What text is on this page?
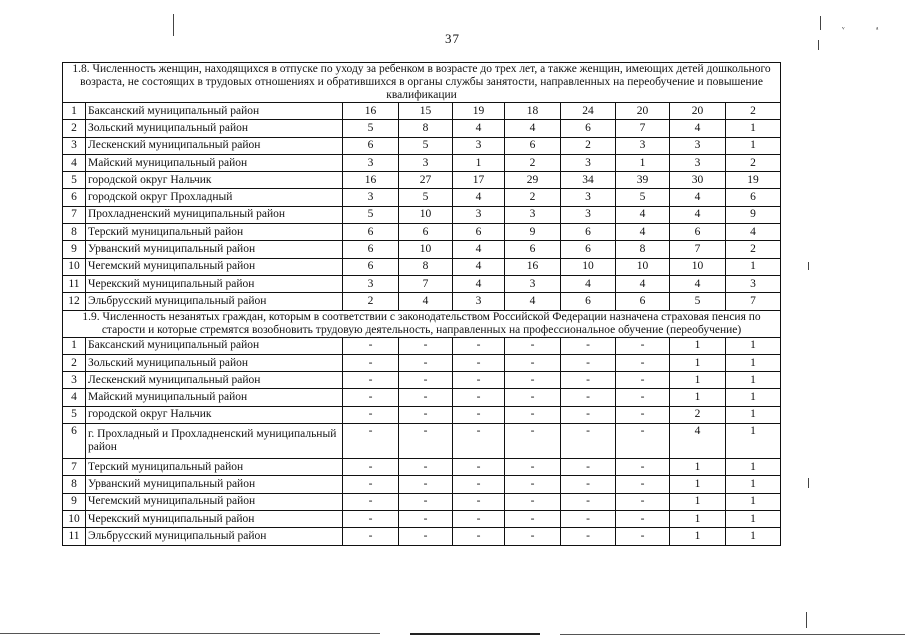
ᵛ	ᵃ
37
1.8. Численность женщин, находящихся в отпуске по уходу за ребенком в возрасте до трех лет, а также женщин, имеющих детей дошкольного возраста, не состоящих в трудовых отношениях и обратившихся в органы службы занятости, направленных на переобучение и повышение квалификации									
1	Баксанский муниципальный район	16	15	19	18	24	20	20	2
2	Зольский муниципальный район	5	8	4	4	6	7	4	1
3	Лескенский муниципальный район	6	5	3	6	2	3	3	1
4	Майский муниципальный район	3	3	1	2	3	1	3	2
5	городской округ Нальчик	16	27	17	29	34	39	30	19
6	городской округ Прохладный	3	5	4	2	3	5	4	6
7	Прохладненский муниципальный район	5	10	3	3	3	4	4	9
8	Терский муниципальный район	6	6	6	9	6	4	6	4
9	Урванский муниципальный район	6	10	4	6	6	8	7	2
10	Чегемский муниципальный район	6	8	4	16	10	10	10	1
11	Черекский муниципальный район	3	7	4	3	4	4	4	3
12	Эльбрусский муниципальный район	2	4	3	4	6	6	5	7
1.9. Численность незанятых граждан, которым в соответствии с законодательством Российской Федерации назначена страховая пенсия по старости и которые стремятся возобновить трудовую деятельность, направленных на профессиональное обучение (переобучение)									
1	Баксанский муниципальный район	-	-	-	-	-	-	1	1
2	Зольский муниципальный район	-	-	-	-	-	-	1	1
3	Лескенский муниципальный район	-	-	-	-	-	-	1	1
4	Майский муниципальный район	-	-	-	-	-	-	1	1
5	городской округ Нальчик	-	-	-	-	-	-	2	1
6	г. Прохладный и Прохладненский муниципальный район	-	-	-	-	-	-	4	1
7	Терский муниципальный район	-	-	-	-	-	-	1	1
8	Урванский муниципальный район	-	-	-	-	-	-	1	1
9	Чегемский муниципальный район	-	-	-	-	-	-	1	1
10	Черекский муниципальный район	-	-	-	-	-	-	1	1
11	Эльбрусский муниципальный район	-	-	-	-	-	-	1	1
